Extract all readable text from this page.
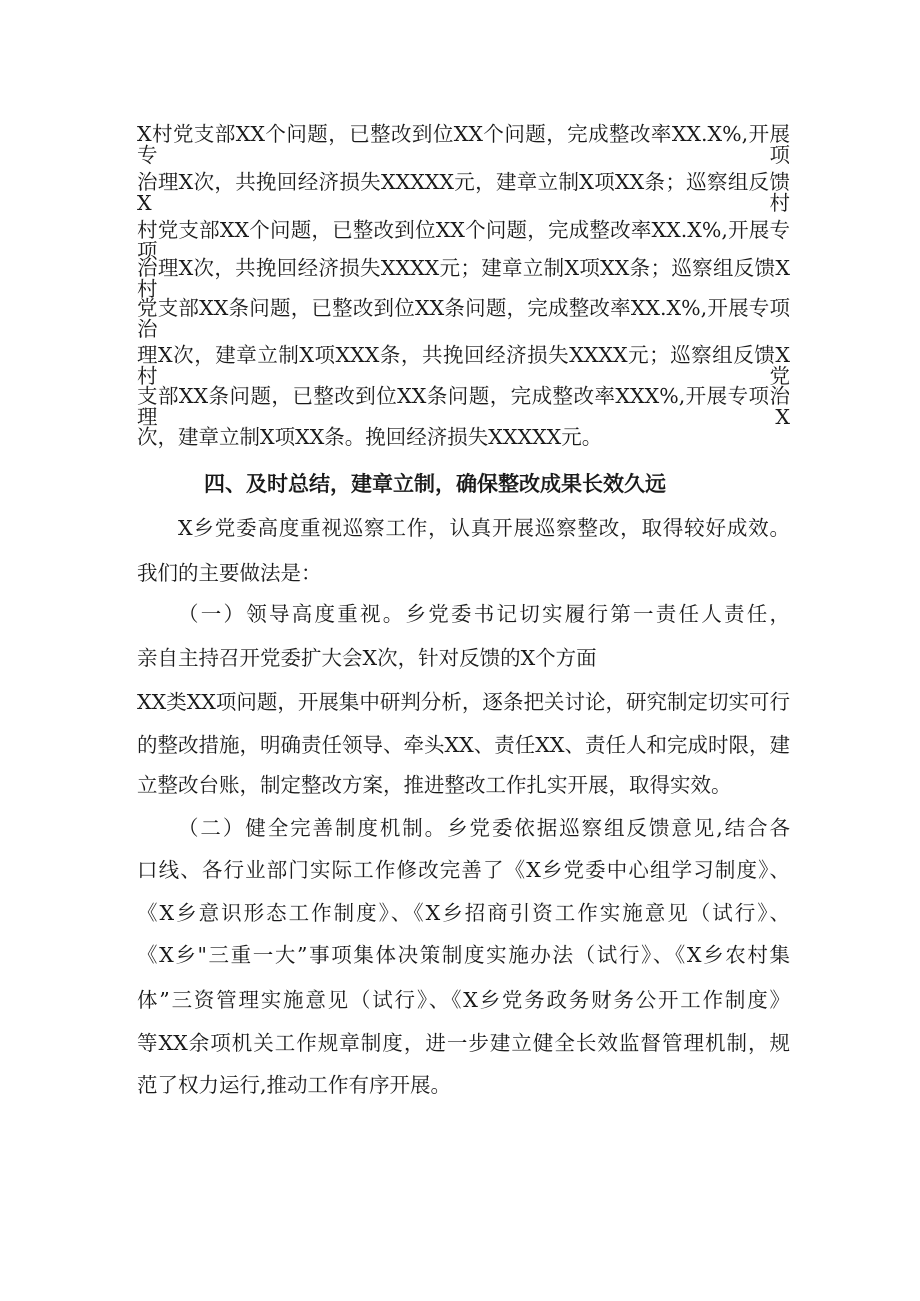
X村党支部XX个问题，已整改到位XX个问题，完成整改率XX.X%,开展专项

治理X次，共挽回经济损失XXXXX元，建章立制X项XX条；巡察组反馈X村

村党支部XX个问题，已整改到位XX个问题，完成整改率XX.X%,开展专项

治理X次，共挽回经济损失XXXX元；建章立制X项XX条；巡察组反馈X村

党支部XX条问题，已整改到位XX条问题，完成整改率XX.X%,开展专项治

理X次，建章立制X项XXX条，共挽回经济损失XXXX元；巡察组反馈X村党

支部XX条问题，已整改到位XX条问题，完成整改率XXX%,开展专项治理X

次，建章立制X项XX条。挽回经济损失XXXXX元。

四、及时总结，建章立制，确保整改成果长效久远

X乡党委高度重视巡察工作，认真开展巡察整改，取得较好成效。

我们的主要做法是：

（一）领导高度重视。乡党委书记切实履行第一责任人责任，

亲自主持召开党委扩大会X次，针对反馈的X个方面

XX类XX项问题，开展集中研判分析，逐条把关讨论，研究制定切实可行

的整改措施，明确责任领导、牵头XX、责任XX、责任人和完成时限，建

立整改台账，制定整改方案，推进整改工作扎实开展，取得实效。

（二）健全完善制度机制。乡党委依据巡察组反馈意见,结合各

口线、各行业部门实际工作修改完善了《X乡党委中心组学习制度》、

《X乡意识形态工作制度》、《X乡招商引资工作实施意见（试行》、

《X乡"三重一大”事项集体决策制度实施办法（试行》、《X乡农村集

体”三资管理实施意见（试行》、《X乡党务政务财务公开工作制度》

等XX余项机关工作规章制度，进一步建立健全长效监督管理机制，规

范了权力运行,推动工作有序开展。
